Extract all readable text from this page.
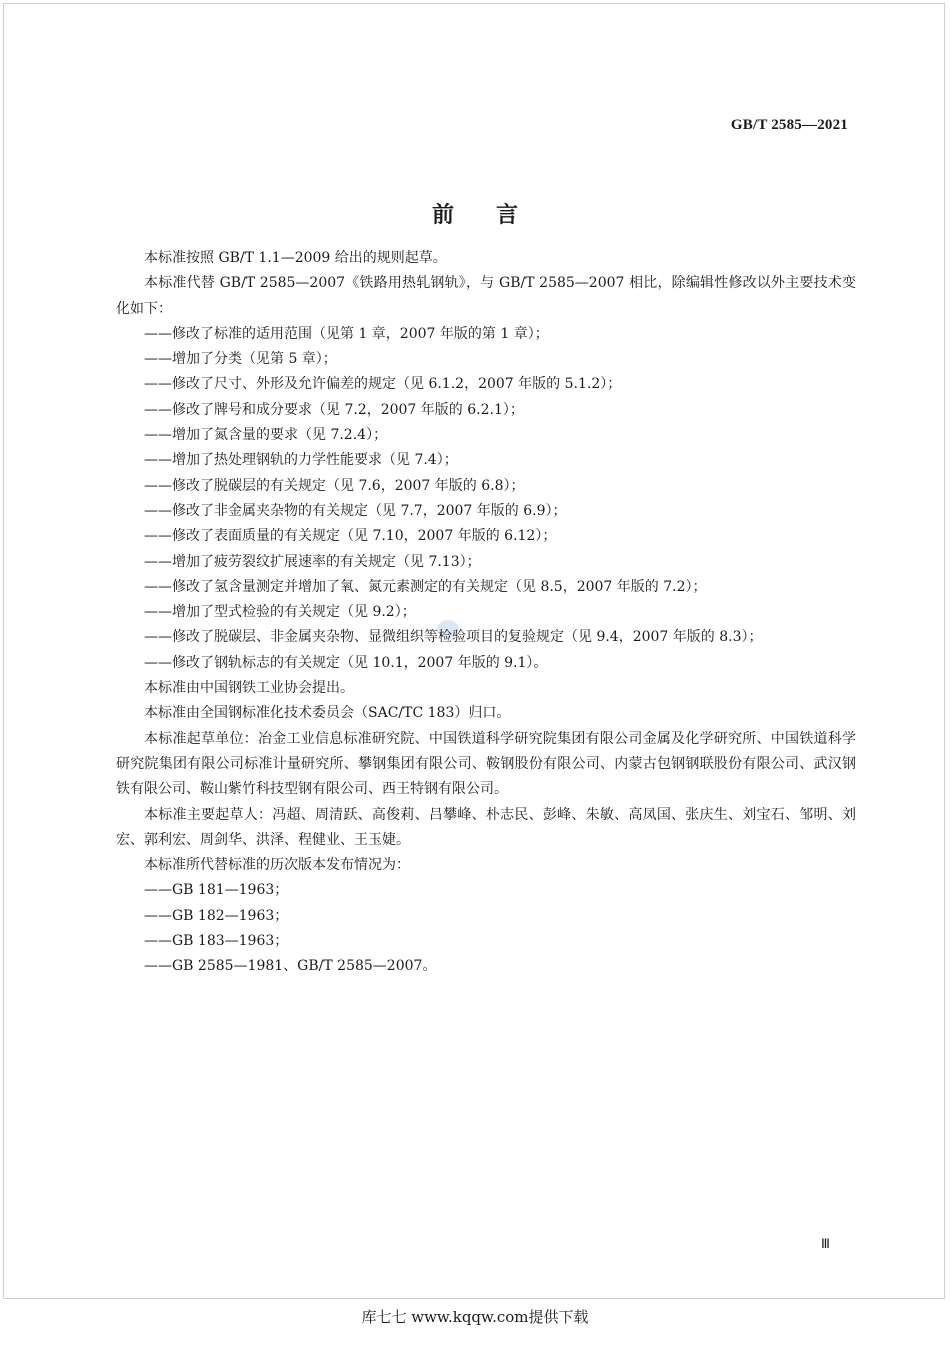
GB/T 2585—2021
前言

本标准按照 GB/T 1.1—2009 给出的规则起草。

本标准代替 GB/T 2585—2007《铁路用热轧钢轨》，与 GB/T 2585—2007 相比，除编辑性修改以外主要技术变化如下：

——修改了标准的适用范围（见第 1 章，2007 年版的第 1 章）；

——增加了分类（见第 5 章）；

——修改了尺寸、外形及允许偏差的规定（见 6.1.2，2007 年版的 5.1.2）；

——修改了牌号和成分要求（见 7.2，2007 年版的 6.2.1）；

——增加了氮含量的要求（见 7.2.4）；

——增加了热处理钢轨的力学性能要求（见 7.4）；

——修改了脱碳层的有关规定（见 7.6，2007 年版的 6.8）；

——修改了非金属夹杂物的有关规定（见 7.7，2007 年版的 6.9）；

——修改了表面质量的有关规定（见 7.10，2007 年版的 6.12）；

——增加了疲劳裂纹扩展速率的有关规定（见 7.13）；

——修改了氢含量测定并增加了氧、氮元素测定的有关规定（见 8.5，2007 年版的 7.2）；

——增加了型式检验的有关规定（见 9.2）；

——修改了脱碳层、非金属夹杂物、显微组织等检验项目的复验规定（见 9.4，2007 年版的 8.3）；

——修改了钢轨标志的有关规定（见 10.1，2007 年版的 9.1）。

本标准由中国钢铁工业协会提出。

本标准由全国钢标准化技术委员会（SAC/TC 183）归口。

本标准起草单位：冶金工业信息标准研究院、中国铁道科学研究院集团有限公司金属及化学研究所、中国铁道科学研究院集团有限公司标准计量研究所、攀钢集团有限公司、鞍钢股份有限公司、内蒙古包钢钢联股份有限公司、武汉钢铁有限公司、鞍山紫竹科技型钢有限公司、西王特钢有限公司。

本标准主要起草人：冯超、周清跃、高俊莉、吕攀峰、朴志民、彭峰、朱敏、高凤国、张庆生、刘宝石、邹明、刘宏、郭利宏、周剑华、洪泽、程健业、王玉婕。

本标准所代替标准的历次版本发布情况为：

——GB 181—1963；

——GB 182—1963；

——GB 183—1963；

——GB 2585—1981、GB/T 2585—2007。

Ⅲ
库七七 www.kqqw.com提供下载
